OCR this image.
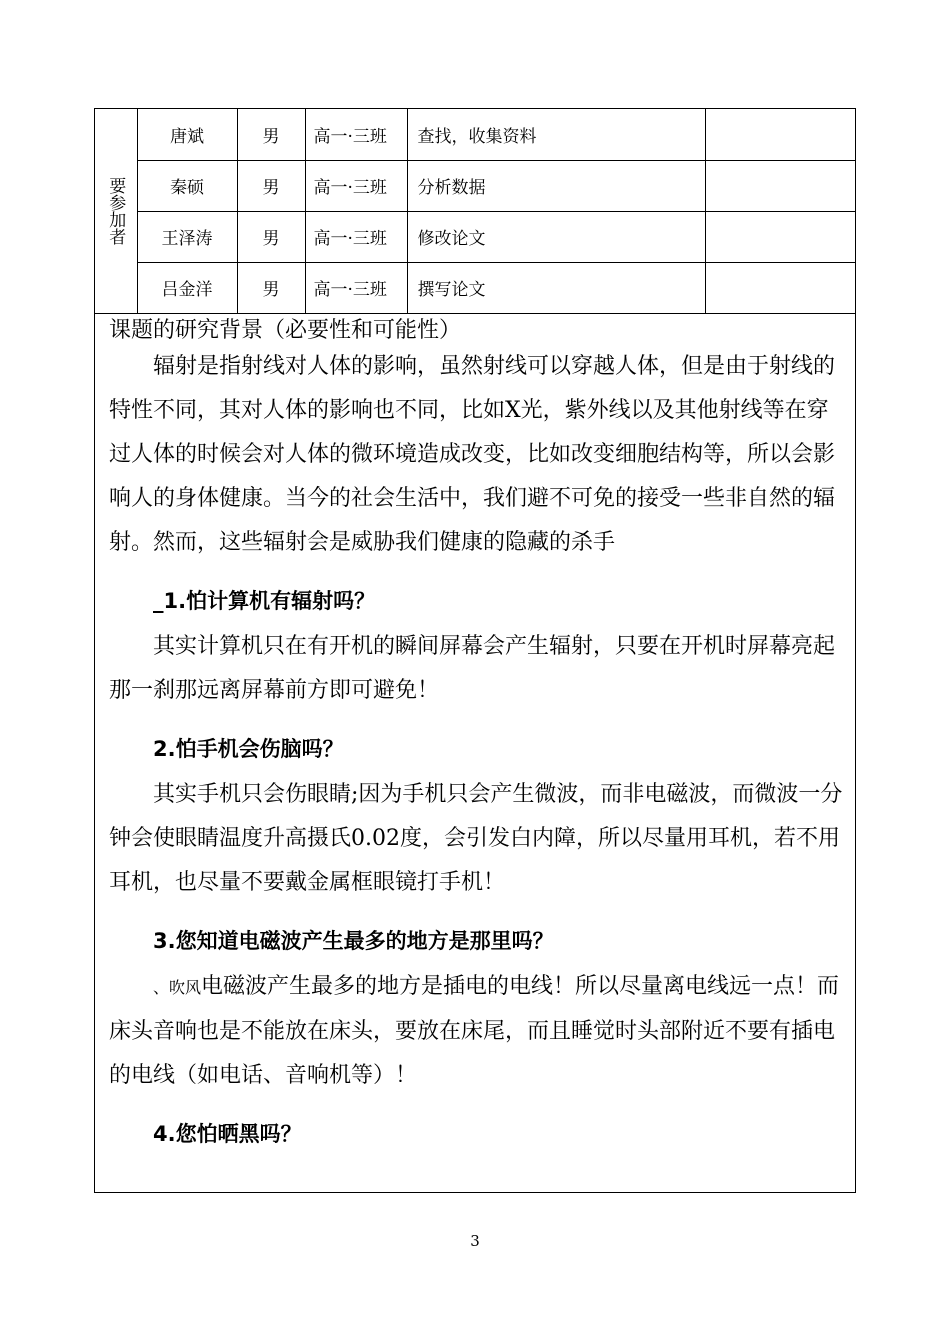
要参加者	唐斌	男	高一·三班	查找，收集资料	
	秦硕	男	高一·三班	分析数据	
	王泽涛	男	高一·三班	修改论文	
	吕金洋	男	高一·三班	撰写论文	
课题的研究背景（必要性和可能性）

辐射是指射线对人体的影响，虽然射线可以穿越人体，但是由于射线的特性不同，其对人体的影响也不同，比如X光，紫外线以及其他射线等在穿过人体的时候会对人体的微环境造成改变，比如改变细胞结构等，所以会影响人的身体健康。当今的社会生活中，我们避不可免的接受一些非自然的辐射。然而，这些辐射会是威胁我们健康的隐藏的杀手

_1.怕计算机有辐射吗？

其实计算机只在有开机的瞬间屏幕会产生辐射，只要在开机时屏幕亮起那一刹那远离屏幕前方即可避免！

2.怕手机会伤脑吗？

其实手机只会伤眼睛;因为手机只会产生微波，而非电磁波，而微波一分钟会使眼睛温度升高摄氏0.02度，会引发白内障，所以尽量用耳机，若不用耳机，也尽量不要戴金属框眼镜打手机！

3.您知道电磁波产生最多的地方是那里吗？

、吹风电磁波产生最多的地方是插电的电线！所以尽量离电线远一点！而床头音响也是不能放在床头，要放在床尾，而且睡觉时头部附近不要有插电的电线（如电话、音响机等）！

4.您怕晒黑吗？
3
